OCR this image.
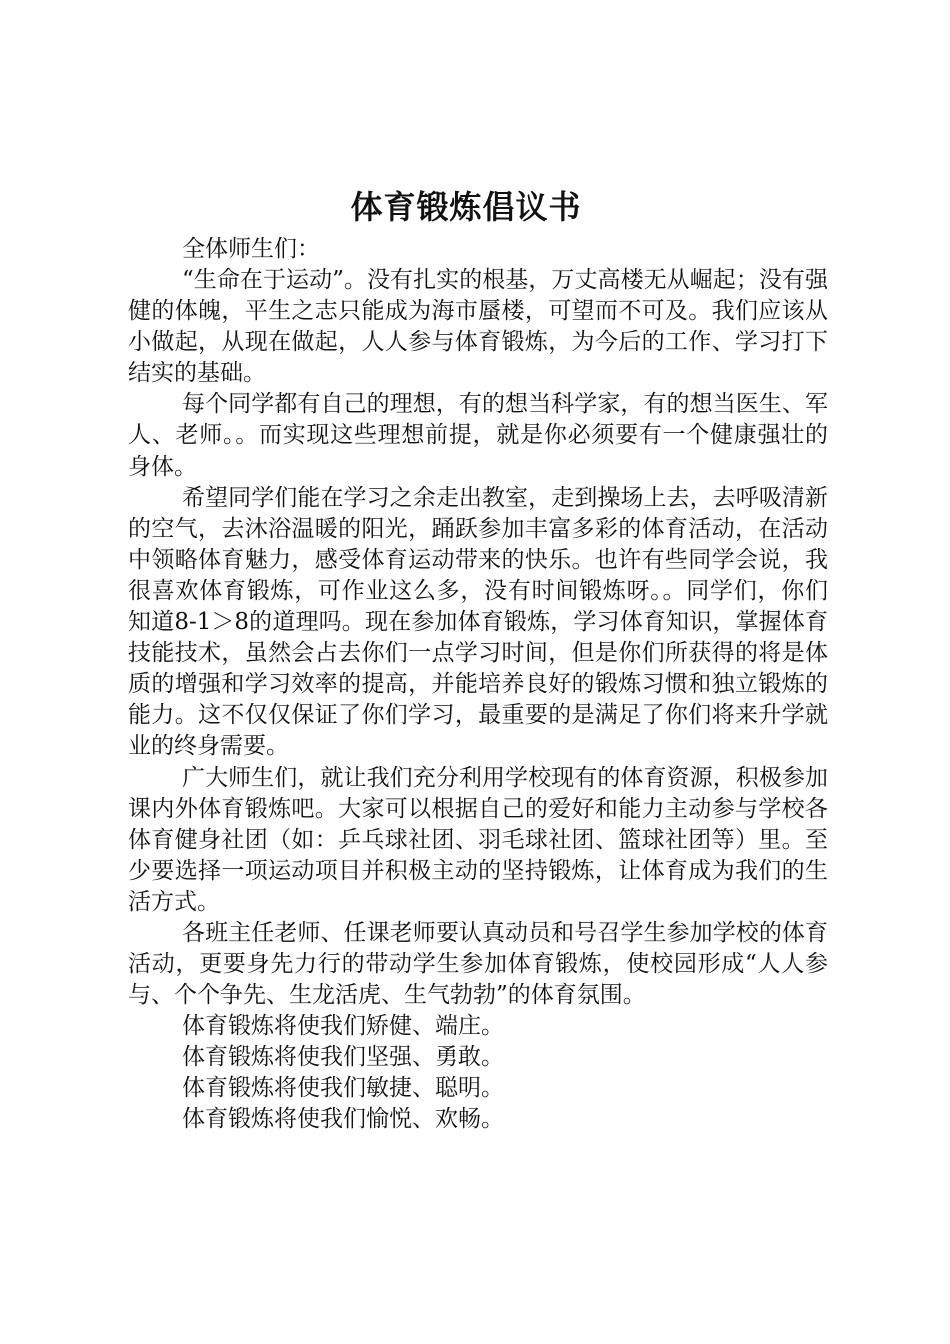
体育锻炼倡议书

全体师生们：

“生命在于运动”。没有扎实的根基，万丈高楼无从崛起；没有强健的体魄，平生之志只能成为海市蜃楼，可望而不可及。我们应该从小做起，从现在做起，人人参与体育锻炼，为今后的工作、学习打下结实的基础。

每个同学都有自己的理想，有的想当科学家，有的想当医生、军人、老师。。而实现这些理想前提，就是你必须要有一个健康强壮的身体。

希望同学们能在学习之余走出教室，走到操场上去，去呼吸清新的空气，去沐浴温暖的阳光，踊跃参加丰富多彩的体育活动，在活动中领略体育魅力，感受体育运动带来的快乐。也许有些同学会说，我很喜欢体育锻炼，可作业这么多，没有时间锻炼呀。。同学们，你们知道8-1＞8的道理吗。现在参加体育锻炼，学习体育知识，掌握体育技能技术，虽然会占去你们一点学习时间，但是你们所获得的将是体质的增强和学习效率的提高，并能培养良好的锻炼习惯和独立锻炼的能力。这不仅仅保证了你们学习，最重要的是满足了你们将来升学就业的终身需要。

广大师生们，就让我们充分利用学校现有的体育资源，积极参加课内外体育锻炼吧。大家可以根据自己的爱好和能力主动参与学校各体育健身社团（如：乒乓球社团、羽毛球社团、篮球社团等）里。至少要选择一项运动项目并积极主动的坚持锻炼，让体育成为我们的生活方式。

各班主任老师、任课老师要认真动员和号召学生参加学校的体育活动，更要身先力行的带动学生参加体育锻炼，使校园形成“人人参与、个个争先、生龙活虎、生气勃勃”的体育氛围。

体育锻炼将使我们矫健、端庄。

体育锻炼将使我们坚强、勇敢。

体育锻炼将使我们敏捷、聪明。

体育锻炼将使我们愉悦、欢畅。
